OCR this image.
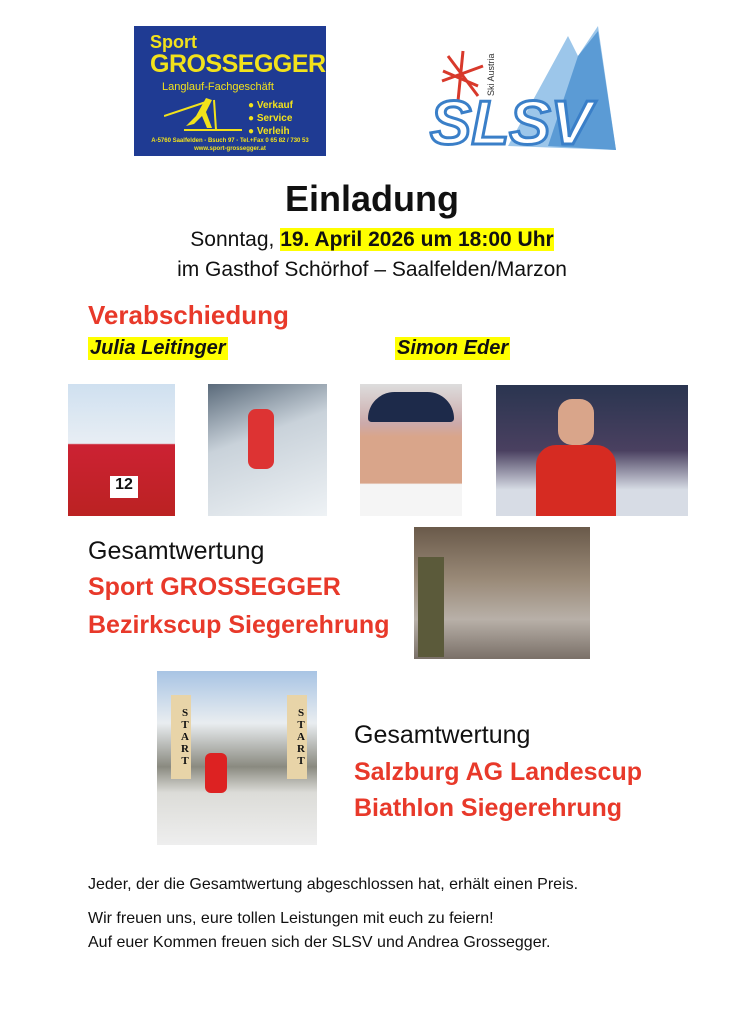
Sport
GROSSEGGER
Langlauf-Fachgeschäft
● Verkauf
● Service
● Verleih
A-5760 Saalfelden - Bsuch 97 - Tel.+Fax 0 65 82 / 730 53
www.sport-grossegger.at
Ski Austria
SLSV
Einladung
Sonntag, 19. April 2026 um 18:00 Uhr
im Gasthof Schörhof – Saalfelden/Marzon
Verabschiedung
Julia Leitinger	Simon Eder
12
Gesamtwertung
Sport GROSSEGGER
Bezirkscup Siegerehrung
START	START Gesamtwertung
Salzburg AG Landescup
Biathlon Siegerehrung
Jeder, der die Gesamtwertung abgeschlossen hat, erhält einen Preis.
Wir freuen uns, eure tollen Leistungen mit euch zu feiern!
Auf euer Kommen freuen sich der SLSV und Andrea Grossegger.
